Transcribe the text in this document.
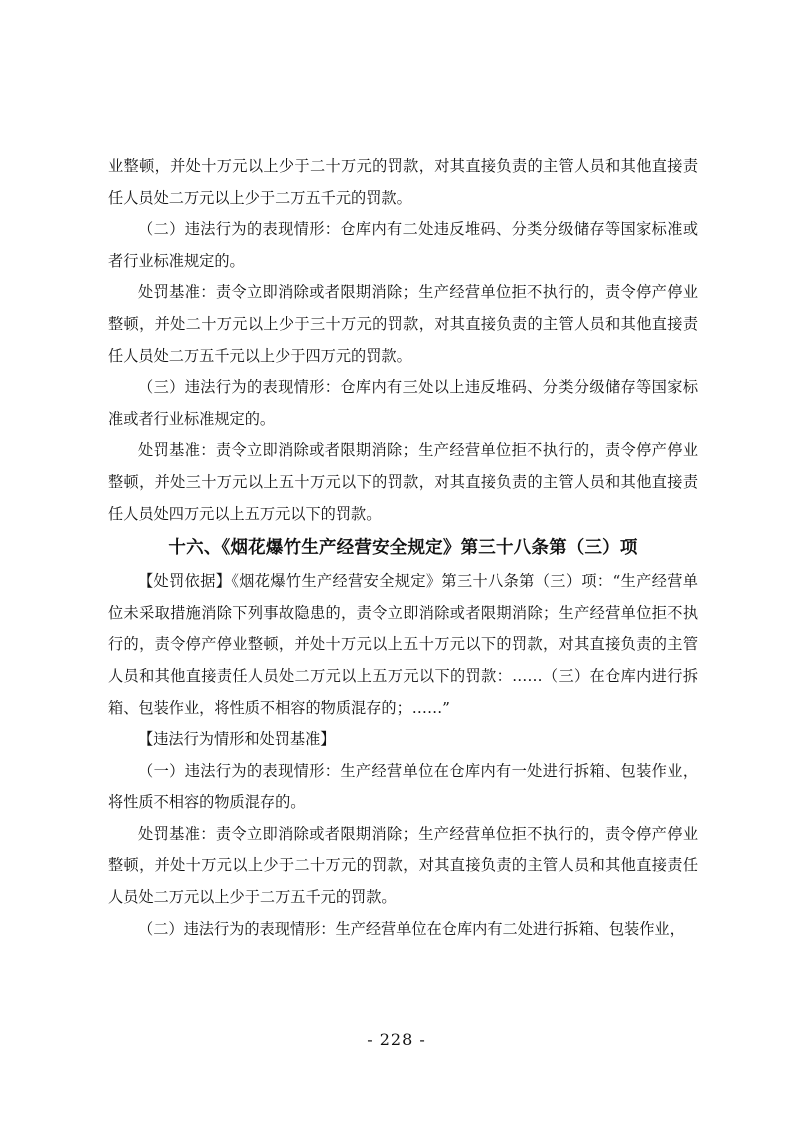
业整顿，并处十万元以上少于二十万元的罚款，对其直接负责的主管人员和其他直接责任人员处二万元以上少于二万五千元的罚款。

（二）违法行为的表现情形：仓库内有二处违反堆码、分类分级储存等国家标准或者行业标准规定的。

处罚基准：责令立即消除或者限期消除；生产经营单位拒不执行的，责令停产停业整顿，并处二十万元以上少于三十万元的罚款，对其直接负责的主管人员和其他直接责任人员处二万五千元以上少于四万元的罚款。

（三）违法行为的表现情形：仓库内有三处以上违反堆码、分类分级储存等国家标准或者行业标准规定的。

处罚基准：责令立即消除或者限期消除；生产经营单位拒不执行的，责令停产停业整顿，并处三十万元以上五十万元以下的罚款，对其直接负责的主管人员和其他直接责任人员处四万元以上五万元以下的罚款。

十六、《烟花爆竹生产经营安全规定》第三十八条第（三）项

【处罚依据】《烟花爆竹生产经营安全规定》第三十八条第（三）项：“生产经营单位未采取措施消除下列事故隐患的，责令立即消除或者限期消除；生产经营单位拒不执行的，责令停产停业整顿，并处十万元以上五十万元以下的罚款，对其直接负责的主管人员和其他直接责任人员处二万元以上五万元以下的罚款：……（三）在仓库内进行拆箱、包装作业，将性质不相容的物质混存的；……”

【违法行为情形和处罚基准】

（一）违法行为的表现情形：生产经营单位在仓库内有一处进行拆箱、包装作业，将性质不相容的物质混存的。

处罚基准：责令立即消除或者限期消除；生产经营单位拒不执行的，责令停产停业整顿，并处十万元以上少于二十万元的罚款，对其直接负责的主管人员和其他直接责任人员处二万元以上少于二万五千元的罚款。

（二）违法行为的表现情形：生产经营单位在仓库内有二处进行拆箱、包装作业，

- 228 -
